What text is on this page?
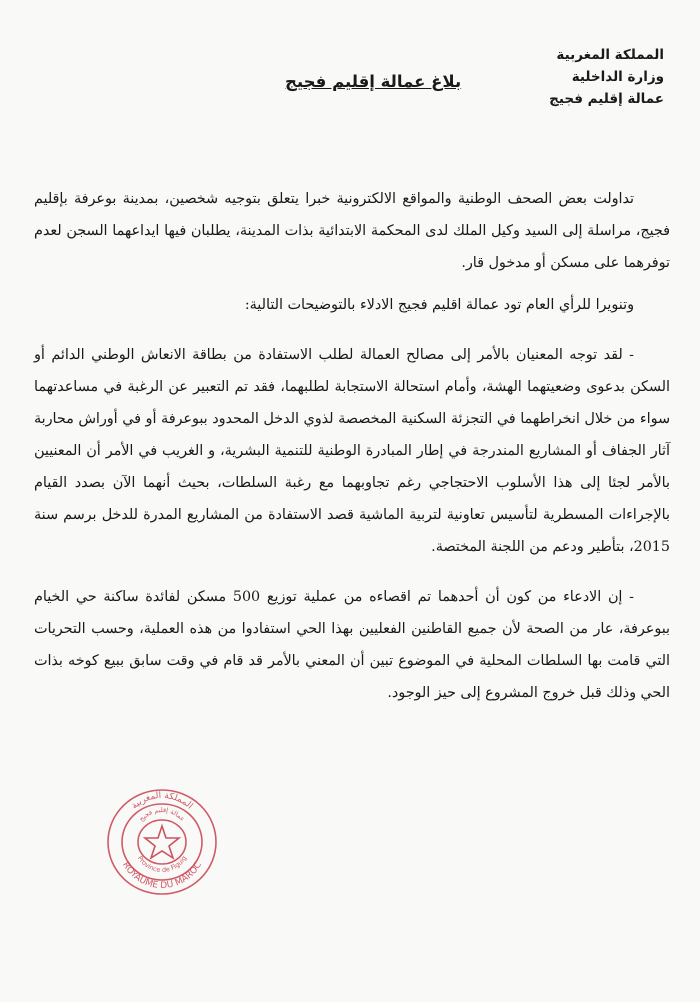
المملكة المغربية
وزارة الداخلية
عمالة إقليم فجيج
بلاغ عمالة إقليم فجيج

تداولت بعض الصحف الوطنية والمواقع الالكترونية خبرا يتعلق بتوجيه شخصين، بمدينة بوعرفة بإقليم فجيج، مراسلة إلى السيد وكيل الملك لدى المحكمة الابتدائية بذات المدينة، يطلبان فيها ايداعهما السجن لعدم توفرهما على مسكن أو مدخول قار.

وتنويرا للرأي العام تود عمالة اقليم فجيج الادلاء بالتوضيحات التالية:

- لقد توجه المعنيان بالأمر إلى مصالح العمالة لطلب الاستفادة من بطاقة الانعاش الوطني الدائم أو السكن بدعوى وضعيتهما الهشة، وأمام استحالة الاستجابة لطلبهما، فقد تم التعبير عن الرغبة في مساعدتهما سواء من خلال انخراطهما في التجزئة السكنية المخصصة لذوي الدخل المحدود ببوعرفة أو في أوراش محاربة آثار الجفاف أو المشاريع المندرجة في إطار المبادرة الوطنية للتنمية البشرية، و الغريب في الأمر أن المعنيين بالأمر لجئا إلى هذا الأسلوب الاحتجاجي رغم تجاوبهما مع رغبة السلطات، بحيث أنهما الآن بصدد القيام بالإجراءات المسطرية لتأسيس تعاونية لتربية الماشية قصد الاستفادة من المشاريع المدرة للدخل برسم سنة 2015، بتأطير ودعم من اللجنة المختصة.

- إن الادعاء من كون أن أحدهما تم اقصاءه من عملية توزيع 500 مسكن لفائدة ساكنة حي الخيام ببوعرفة، عار من الصحة لأن جميع القاطنين الفعليين بهذا الحي استفادوا من هذه العملية، وحسب التحريات التي قامت بها السلطات المحلية في الموضوع تبين أن المعني بالأمر قد قام في وقت سابق ببيع كوخه بذات الحي وذلك قبل خروج المشروع إلى حيز الوجود.

ROYAUME DU MAROC
المملكة المغربية
Province de Figuig
عمالة إقليم فجيج
